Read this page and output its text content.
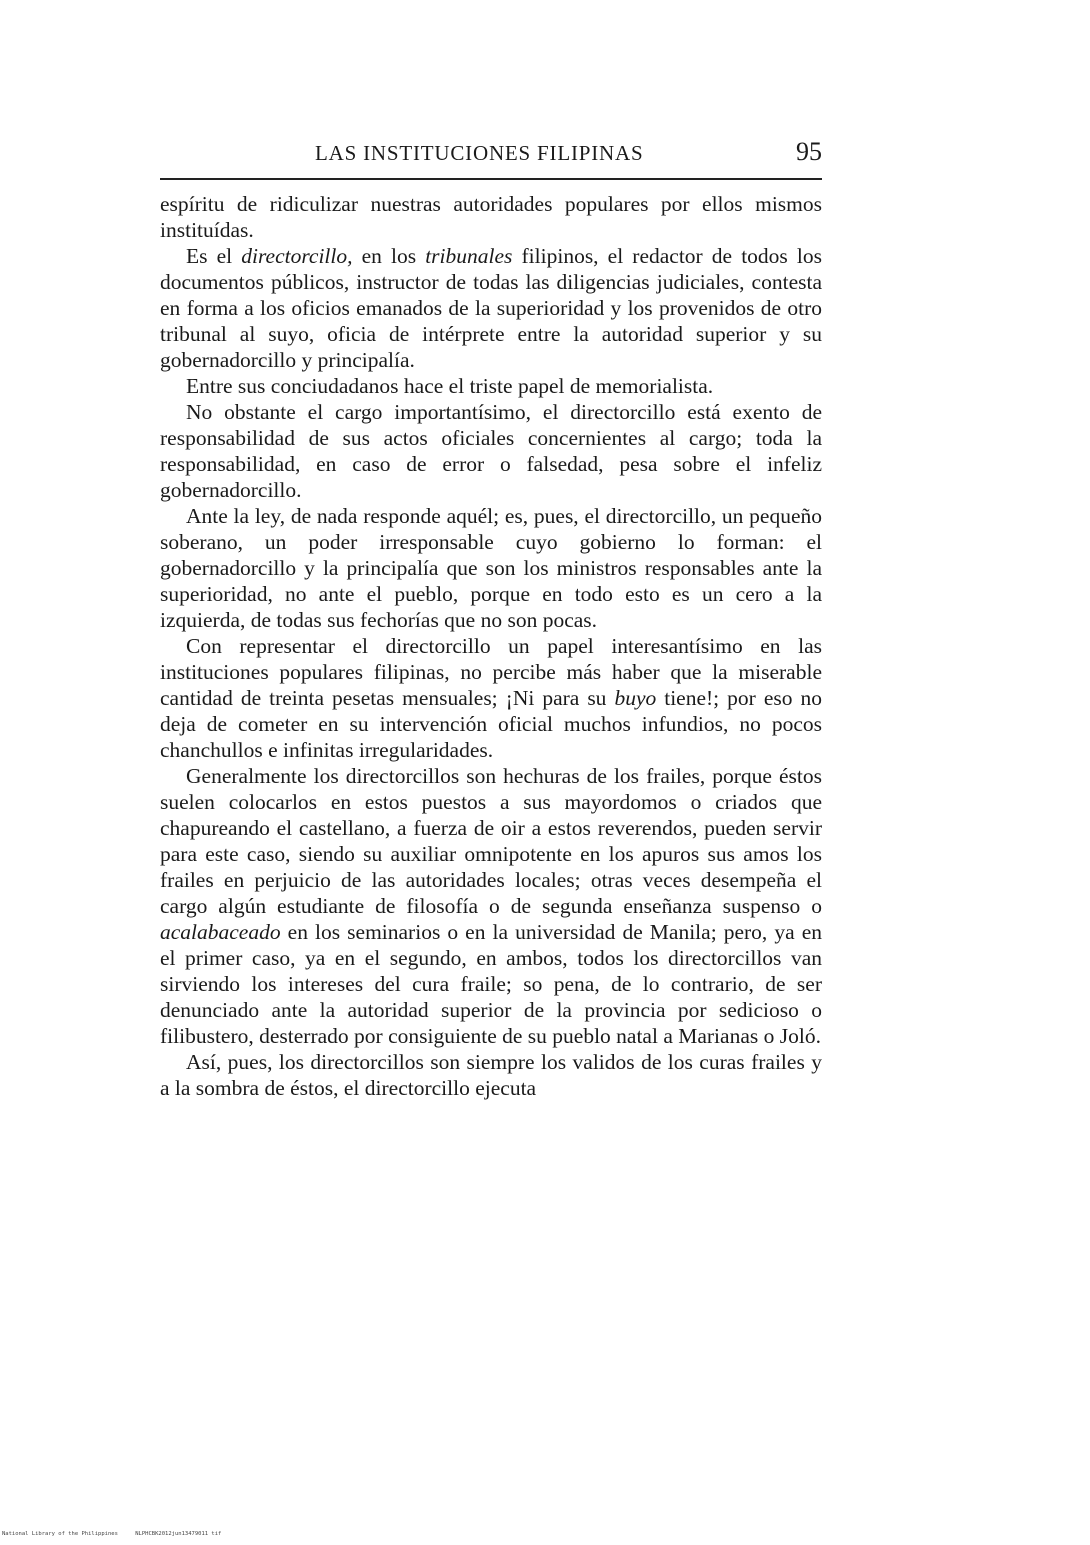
LAS INSTITUCIONES FILIPINAS	95

espíritu de ridiculizar nuestras autoridades populares por ellos mismos instituídas.

Es el directorcillo, en los tribunales filipinos, el redactor de todos los documentos públicos, instructor de todas las diligencias judiciales, contesta en forma a los oficios emanados de la superioridad y los provenidos de otro tribunal al suyo, oficia de intérprete entre la autoridad superior y su gobernadorcillo y principalía.

Entre sus conciudadanos hace el triste papel de memorialista.

No obstante el cargo importantísimo, el directorcillo está exento de responsabilidad de sus actos oficiales concernientes al cargo; toda la responsabilidad, en caso de error o falsedad, pesa sobre el infeliz gobernadorcillo.

Ante la ley, de nada responde aquél; es, pues, el directorcillo, un pequeño soberano, un poder irresponsable cuyo gobierno lo forman: el gobernadorcillo y la principalía que son los ministros responsables ante la superioridad, no ante el pueblo, porque en todo esto es un cero a la izquierda, de todas sus fechorías que no son pocas.

Con representar el directorcillo un papel interesantísimo en las instituciones populares filipinas, no percibe más haber que la miserable cantidad de treinta pesetas mensuales; ¡Ni para su buyo tiene!; por eso no deja de cometer en su intervención oficial muchos infundios, no pocos chanchullos e infinitas irregularidades.

Generalmente los directorcillos son hechuras de los frailes, porque éstos suelen colocarlos en estos puestos a sus mayordomos o criados que chapureando el castellano, a fuerza de oir a estos reverendos, pueden servir para este caso, siendo su auxiliar omnipotente en los apuros sus amos los frailes en perjuicio de las autoridades locales; otras veces desempeña el cargo algún estudiante de filosofía o de segunda enseñanza suspenso o acalabaceado en los seminarios o en la universidad de Manila; pero, ya en el primer caso, ya en el segundo, en ambos, todos los directorcillos van sirviendo los intereses del cura fraile; so pena, de lo contrario, de ser denunciado ante la autoridad superior de la provincia por sedicioso o filibustero, desterrado por consiguiente de su pueblo natal a Marianas o Joló.

Así, pues, los directorcillos son siempre los validos de los curas frailes y a la sombra de éstos, el directorcillo ejecuta

National Library of the Philippines	NLPHCBK2012jun13479011 tif
